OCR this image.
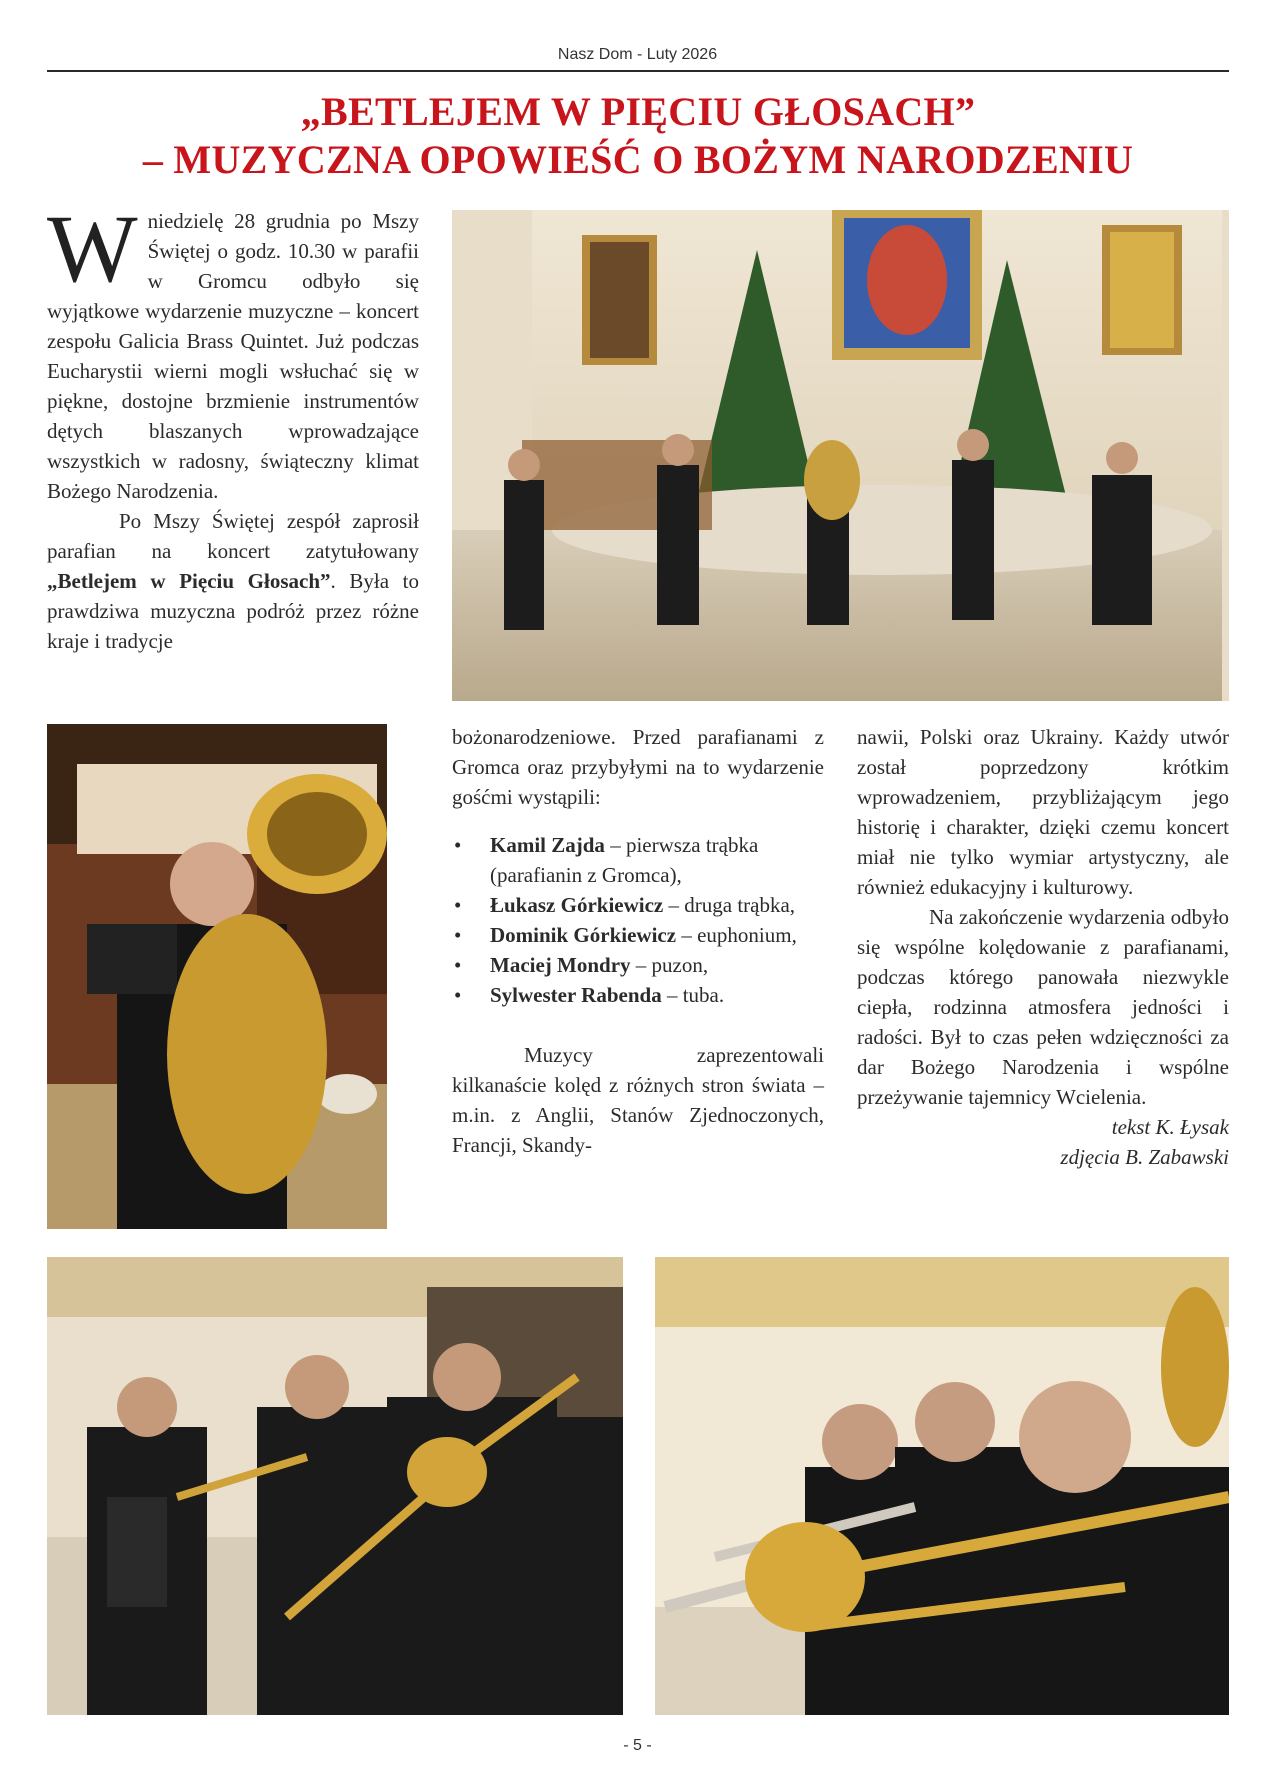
Nasz Dom - Luty 2026
„BETLEJEM W PIĘCIU GŁOSACH”
– MUZYCZNA OPOWIEŚĆ O BOŻYM NARODZENIU

Wniedzielę 28 grudnia po Mszy Świętej o godz. 10.30 w parafii w Gromcu odbyło się wyjątkowe wydarzenie muzyczne – koncert zespołu Galicia Brass Quintet. Już podczas Eucharystii wierni mogli wsłuchać się w piękne, dostojne brzmienie instrumentów dętych blaszanych wprowadzające wszystkich w radosny, świąteczny klimat Bożego Narodzenia.

Po Mszy Świętej zespół zaprosił parafian na koncert zatytułowany „Betlejem w Pięciu Głosach”. Była to prawdziwa muzyczna podróż przez różne kraje i tradycje

bożonarodzeniowe. Przed parafianami z Gromca oraz przybyłymi na to wydarzenie gośćmi wystąpili:

• Kamil Zajda – pierwsza trąbka (parafianin z Gromca),
• Łukasz Górkiewicz – druga trąbka,
• Dominik Górkiewicz – euphonium,
• Maciej Mondry – puzon,
• Sylwester Rabenda – tuba.

Muzycy zaprezentowali kilkanaście kolęd z różnych stron świata – m.in. z Anglii, Stanów Zjednoczonych, Francji, Skandy-

nawii, Polski oraz Ukrainy. Każdy utwór został poprzedzony krótkim wprowadzeniem, przybliżającym jego historię i charakter, dzięki czemu koncert miał nie tylko wymiar artystyczny, ale również edukacyjny i kulturowy.

Na zakończenie wydarzenia odbyło się wspólne kolędowanie z parafianami, podczas którego panowała niezwykle ciepła, rodzinna atmosfera jedności i radości. Był to czas pełen wdzięczności za dar Bożego Narodzenia i wspólne przeżywanie tajemnicy Wcielenia.

tekst K. Łysak

zdjęcia B. Zabawski

- 5 -
